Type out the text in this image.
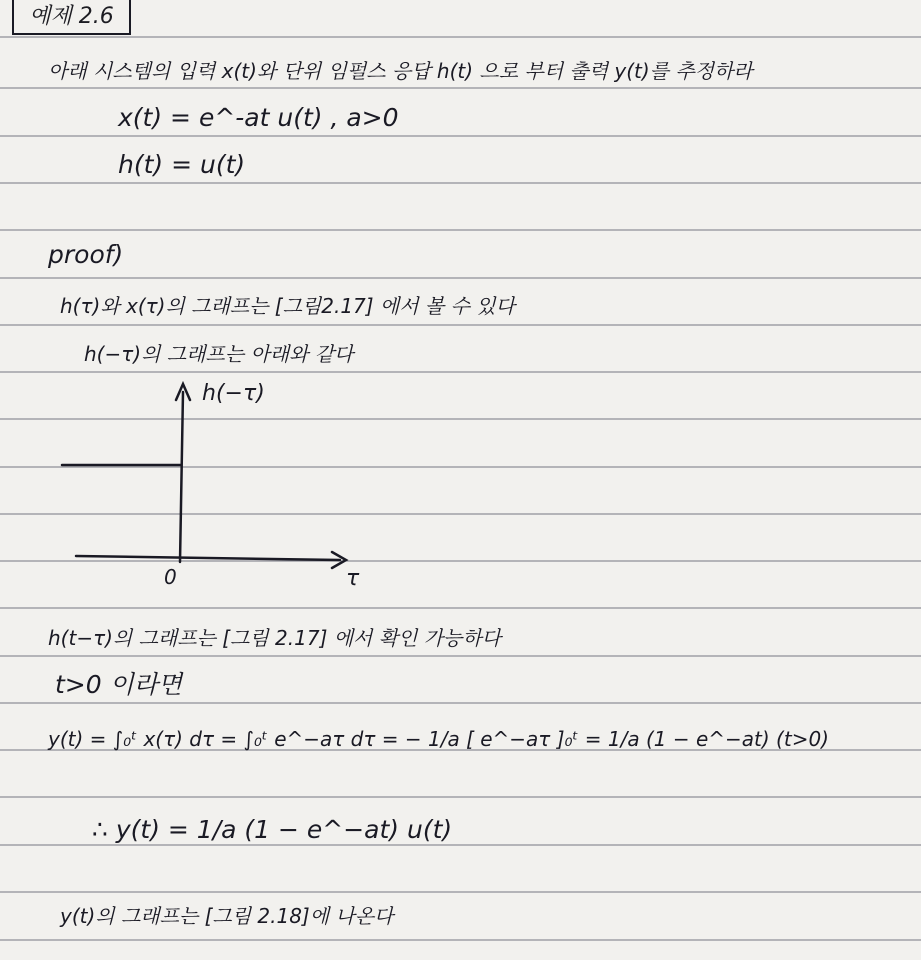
예제 2.6
아래 시스템의 입력 x(t)와 단위 임펄스 응답 h(t) 으로 부터 출력 y(t)를 추정하라
x(t) = e^-at u(t) , a>0
h(t) = u(t)
proof)
h(τ)와 x(τ)의 그래프는 [그림2.17] 에서 볼 수 있다
h(−τ)의 그래프는 아래와 같다
h(−τ)
τ
0
h(t−τ)의 그래프는 [그림 2.17] 에서 확인 가능하다
t>0 이라면
y(t) = ∫₀ᵗ x(τ) dτ = ∫₀ᵗ e^−aτ dτ = − 1/a [ e^−aτ ]₀ᵗ = 1/a (1 − e^−at) (t>0)
∴ y(t) = 1/a (1 − e^−at) u(t)
y(t)의 그래프는 [그림 2.18]에 나온다
